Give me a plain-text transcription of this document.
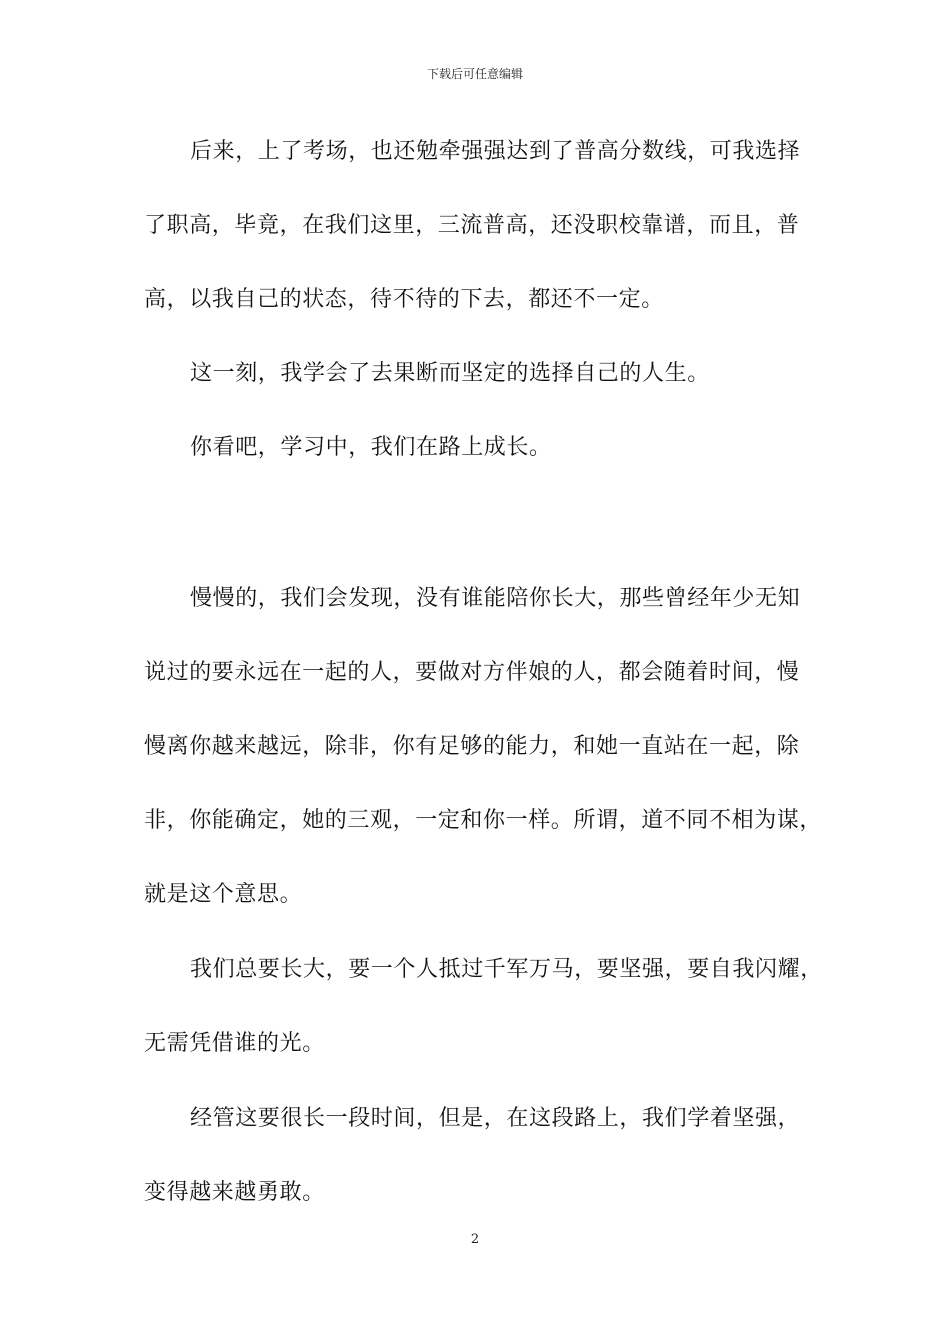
下载后可任意编辑
后来，上了考场，也还勉牵强强达到了普高分数线，可我选择
了职高，毕竟，在我们这里，三流普高，还没职校靠谱，而且，普
高，以我自己的状态，待不待的下去，都还不一定。
这一刻，我学会了去果断而坚定的选择自己的人生。
你看吧，学习中，我们在路上成长。
慢慢的，我们会发现，没有谁能陪你长大，那些曾经年少无知
说过的要永远在一起的人，要做对方伴娘的人，都会随着时间，慢
慢离你越来越远，除非，你有足够的能力，和她一直站在一起，除
非，你能确定，她的三观，一定和你一样。所谓，道不同不相为谋，
就是这个意思。
我们总要长大，要一个人抵过千军万马，要坚强，要自我闪耀，
无需凭借谁的光。
经管这要很长一段时间，但是，在这段路上，我们学着坚强，
变得越来越勇敢。
2
